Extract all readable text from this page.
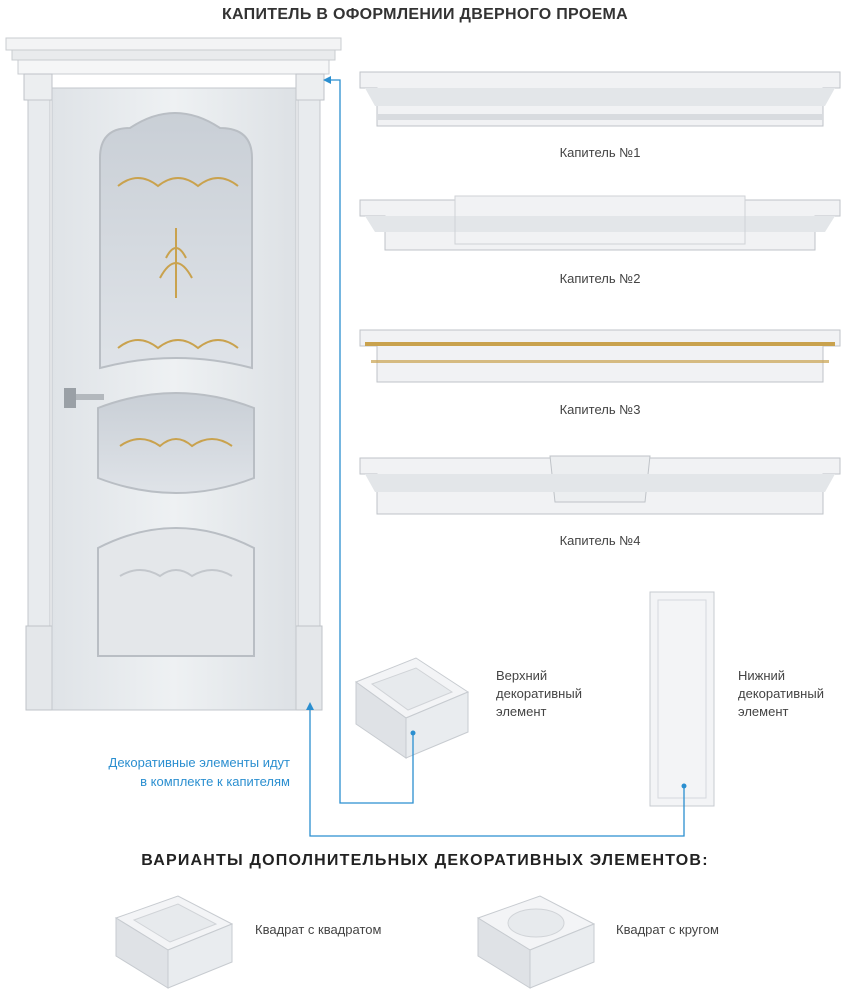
КАПИТЕЛЬ В ОФОРМЛЕНИИ ДВЕРНОГО ПРОЕМА
Капитель №1
Капитель №2
Капитель №3
Капитель №4
Верхний
декоративный
элемент
Нижний
декоративный
элемент
Декоративные элементы идут
в комплекте к капителям
ВАРИАНТЫ ДОПОЛНИТЕЛЬНЫХ ДЕКОРАТИВНЫХ ЭЛЕМЕНТОВ:
Квадрат с квадратом	Квадрат с кругом
